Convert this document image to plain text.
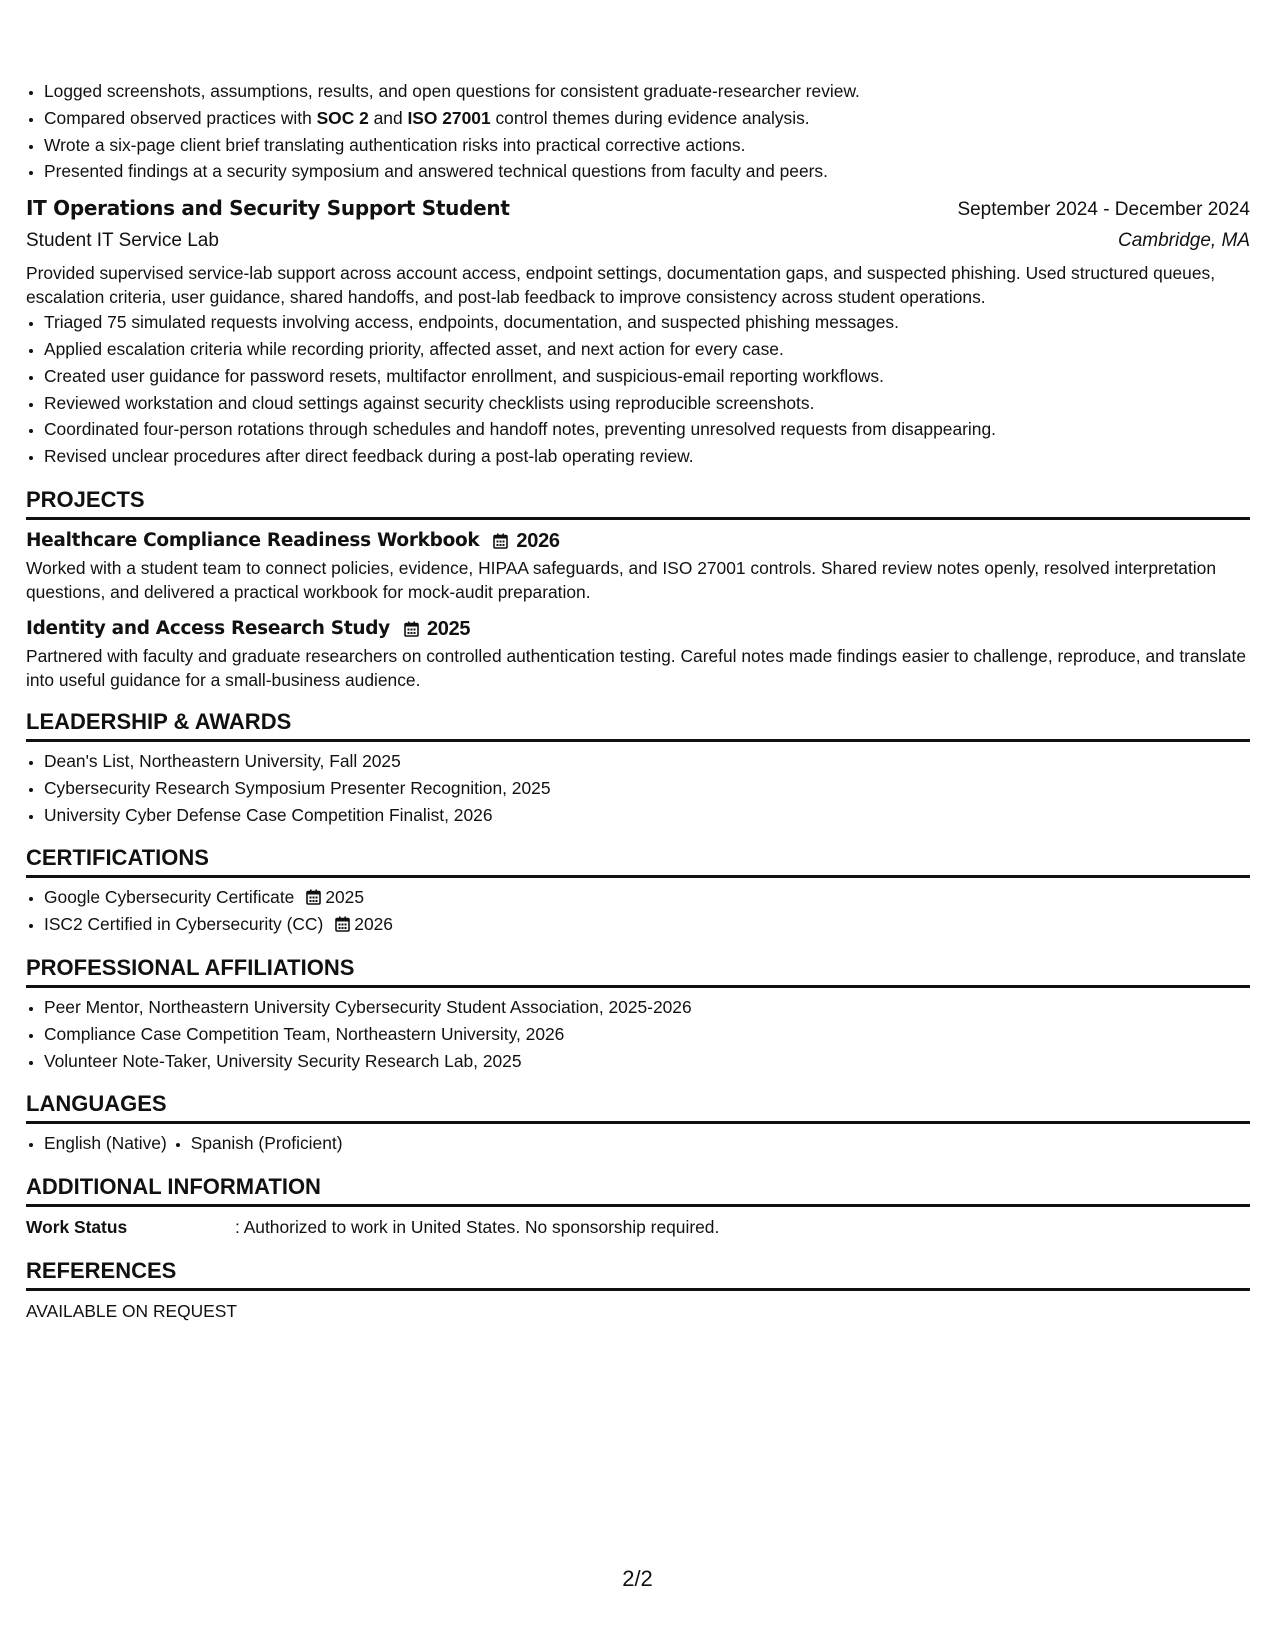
• Logged screenshots, assumptions, results, and open questions for consistent graduate-researcher review.
• Compared observed practices with SOC 2 and ISO 27001 control themes during evidence analysis.
• Wrote a six-page client brief translating authentication risks into practical corrective actions.
• Presented findings at a security symposium and answered technical questions from faculty and peers.
IT Operations and Security Support Student	September 2024 - December 2024
Student IT Service Lab	Cambridge, MA
Provided supervised service-lab support across account access, endpoint settings, documentation gaps, and suspected phishing. Used structured queues, escalation criteria, user guidance, shared handoffs, and post-lab feedback to improve consistency across student operations.
• Triaged 75 simulated requests involving access, endpoints, documentation, and suspected phishing messages.
• Applied escalation criteria while recording priority, affected asset, and next action for every case.
• Created user guidance for password resets, multifactor enrollment, and suspicious-email reporting workflows.
• Reviewed workstation and cloud settings against security checklists using reproducible screenshots.
• Coordinated four-person rotations through schedules and handoff notes, preventing unresolved requests from disappearing.
• Revised unclear procedures after direct feedback during a post-lab operating review.
PROJECTS
Healthcare Compliance Readiness Workbook 2026
Worked with a student team to connect policies, evidence, HIPAA safeguards, and ISO 27001 controls. Shared review notes openly, resolved interpretation questions, and delivered a practical workbook for mock-audit preparation.
Identity and Access Research Study 2025
Partnered with faculty and graduate researchers on controlled authentication testing. Careful notes made findings easier to challenge, reproduce, and translate into useful guidance for a small-business audience.
LEADERSHIP & AWARDS
• Dean's List, Northeastern University, Fall 2025
• Cybersecurity Research Symposium Presenter Recognition, 2025
• University Cyber Defense Case Competition Finalist, 2026
CERTIFICATIONS
• Google Cybersecurity Certificate 2025
• ISC2 Certified in Cybersecurity (CC) 2026
PROFESSIONAL AFFILIATIONS
• Peer Mentor, Northeastern University Cybersecurity Student Association, 2025-2026
• Compliance Case Competition Team, Northeastern University, 2026
• Volunteer Note-Taker, University Security Research Lab, 2025
LANGUAGES
• English (Native)
• Spanish (Proficient)
ADDITIONAL INFORMATION
Work Status	: Authorized to work in United States. No sponsorship required.
REFERENCES
AVAILABLE ON REQUEST
2/2
